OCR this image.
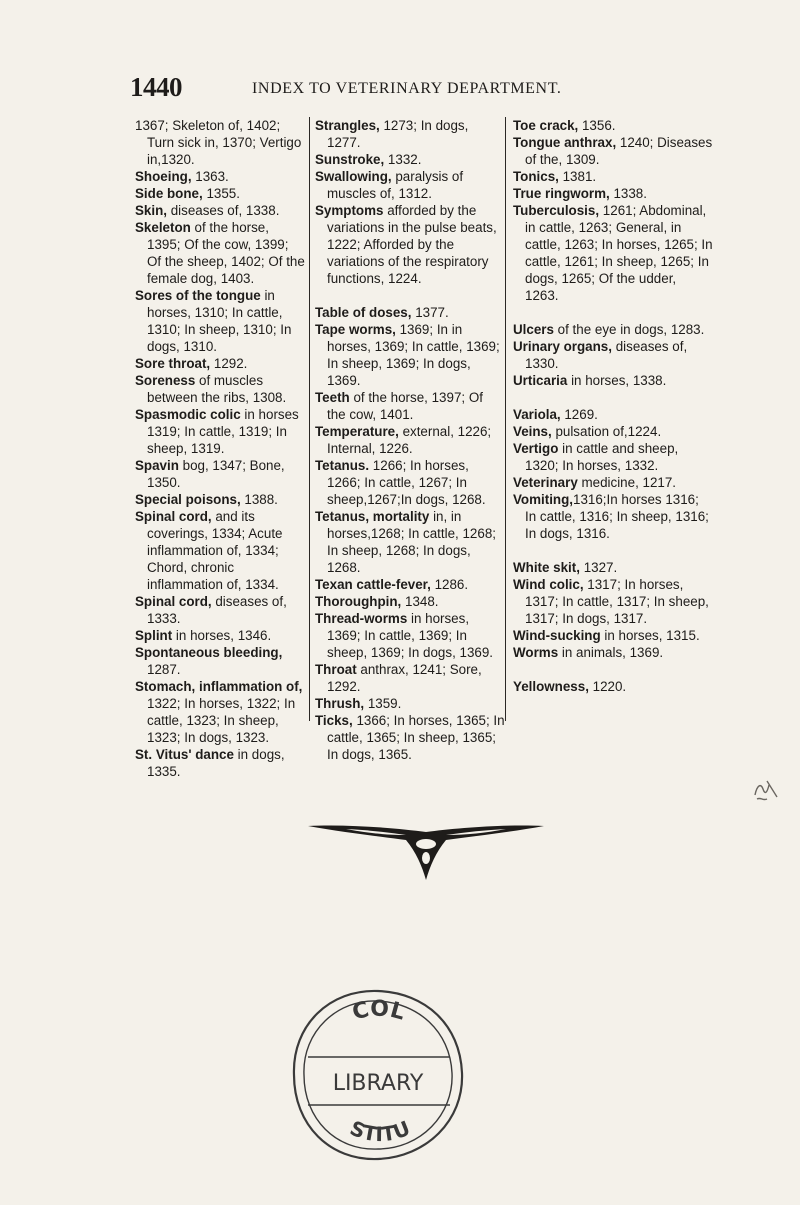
1440	INDEX TO VETERINARY DEPARTMENT.

1367; Skeleton of, 1402; Turn sick in, 1370; Vertigo in,1320.

Shoeing, 1363.

Side bone, 1355.

Skin, diseases of, 1338.

Skeleton of the horse, 1395; Of the cow, 1399; Of the sheep, 1402; Of the female dog, 1403.

Sores of the tongue in horses, 1310; In cattle, 1310; In sheep, 1310; In dogs, 1310.

Sore throat, 1292.

Soreness of muscles between the ribs, 1308.

Spasmodic colic in horses 1319; In cattle, 1319; In sheep, 1319.

Spavin bog, 1347; Bone, 1350.

Special poisons, 1388.

Spinal cord, and its coverings, 1334; Acute inflammation of, 1334; Chord, chronic inflammation of, 1334.

Spinal cord, diseases of, 1333.

Splint in horses, 1346.

Spontaneous bleeding, 1287.

Stomach, inflammation of, 1322; In horses, 1322; In cattle, 1323; In sheep, 1323; In dogs, 1323.

St. Vitus' dance in dogs, 1335.

Strangles, 1273; In dogs, 1277.

Sunstroke, 1332.

Swallowing, paralysis of muscles of, 1312.

Symptoms afforded by the variations in the pulse beats, 1222; Afforded by the variations of the respiratory functions, 1224.

Table of doses, 1377.

Tape worms, 1369; In in horses, 1369; In cattle, 1369; In sheep, 1369; In dogs, 1369.

Teeth of the horse, 1397; Of the cow, 1401.

Temperature, external, 1226; Internal, 1226.

Tetanus. 1266; In horses, 1266; In cattle, 1267; In sheep,1267;In dogs, 1268.

Tetanus, mortality in, in horses,1268; In cattle, 1268; In sheep, 1268; In dogs, 1268.

Texan cattle-fever, 1286.

Thoroughpin, 1348.

Thread-worms in horses, 1369; In cattle, 1369; In sheep, 1369; In dogs, 1369.

Throat anthrax, 1241; Sore, 1292.

Thrush, 1359.

Ticks, 1366; In horses, 1365; In cattle, 1365; In sheep, 1365; In dogs, 1365.

Toe crack, 1356.

Tongue anthrax, 1240; Diseases of the, 1309.

Tonics, 1381.

True ringworm, 1338.

Tuberculosis, 1261; Abdominal, in cattle, 1263; General, in cattle, 1263; In horses, 1265; In cattle, 1261; In sheep, 1265; In dogs, 1265; Of the udder, 1263.

Ulcers of the eye in dogs, 1283.

Urinary organs, diseases of, 1330.

Urticaria in horses, 1338.

Variola, 1269.

Veins, pulsation of,1224.

Vertigo in cattle and sheep, 1320; In horses, 1332.

Veterinary medicine, 1217.

Vomiting,1316;In horses 1316; In cattle, 1316; In sheep, 1316; In dogs, 1316.

White skit, 1327.

Wind colic, 1317; In horses, 1317; In cattle, 1317; In sheep, 1317; In dogs, 1317.

Wind-sucking in horses, 1315.

Worms in animals, 1369.

Yellowness, 1220.

COL
LIBRARY
STITU
